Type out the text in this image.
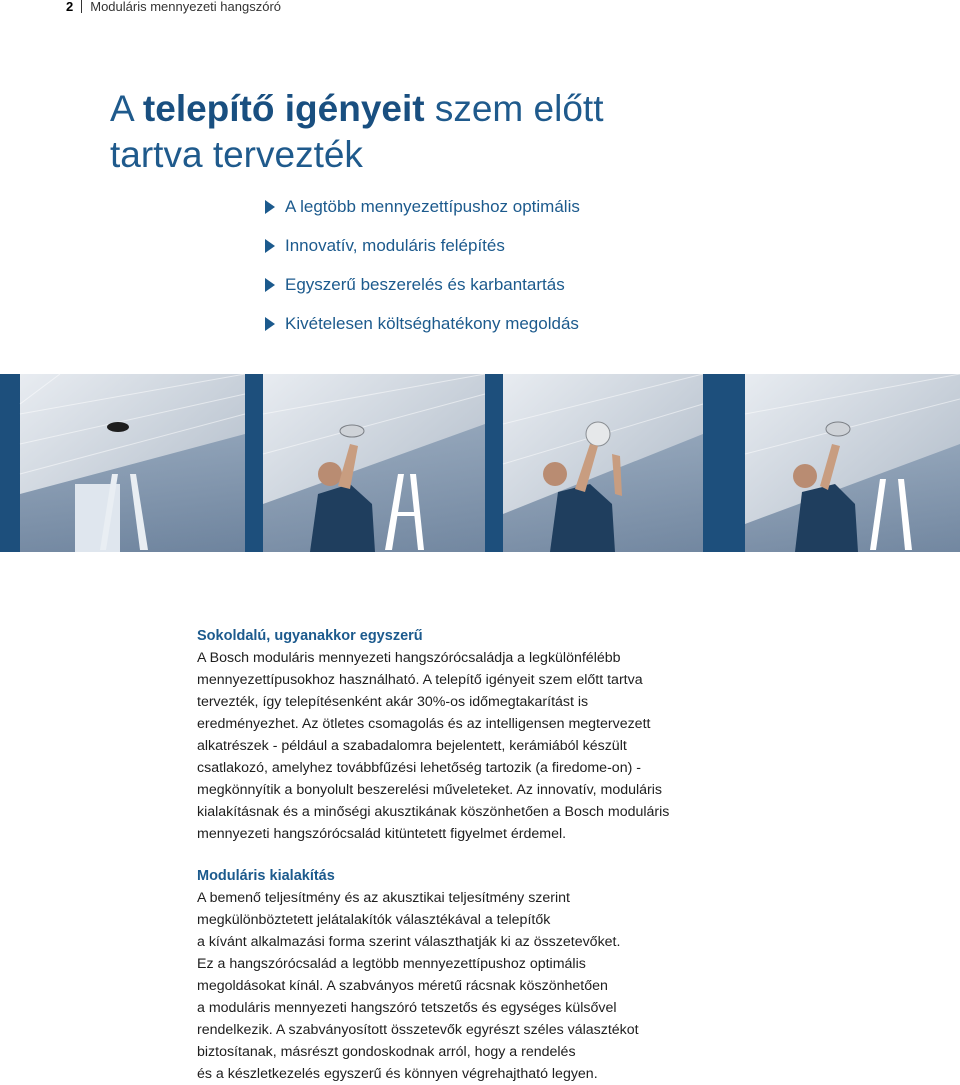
2 Moduláris mennyezeti hangszóró
A telepítő igényeit szem előtt
tartva tervezték
A legtöbb mennyezettípushoz optimális
Innovatív, moduláris felépítés
Egyszerű beszerelés és karbantartás
Kivételesen költséghatékony megoldás
Sokoldalú, ugyanakkor egyszerű

A Bosch moduláris mennyezeti hangszórócsaládja a legkülönfélébb

mennyezettípusokhoz használható. A telepítő igényeit szem előtt tartva

tervezték, így telepítésenként akár 30%-os időmegtakarítást is

eredményezhet. Az ötletes csomagolás és az intelligensen megtervezett

alkatrészek - például a szabadalomra bejelentett, kerámiából készült

csatlakozó, amelyhez továbbfűzési lehetőség tartozik (a firedome-on) -

megkönnyítik a bonyolult beszerelési műveleteket. Az innovatív, moduláris

kialakításnak és a minőségi akusztikának köszönhetően a Bosch moduláris

mennyezeti hangszórócsalád kitüntetett figyelmet érdemel.

Moduláris kialakítás

A bemenő teljesítmény és az akusztikai teljesítmény szerint

megkülönböztetett jelátalakítók választékával a telepítők

a kívánt alkalmazási forma szerint választhatják ki az összetevőket.

Ez a hangszórócsalád a legtöbb mennyezettípushoz optimális

megoldásokat kínál. A szabványos méretű rácsnak köszönhetően

a moduláris mennyezeti hangszóró tetszetős és egységes külsővel

rendelkezik. A szabványosított összetevők egyrészt széles választékot

biztosítanak, másrészt gondoskodnak arról, hogy a rendelés

és a készletkezelés egyszerű és könnyen végrehajtható legyen.
